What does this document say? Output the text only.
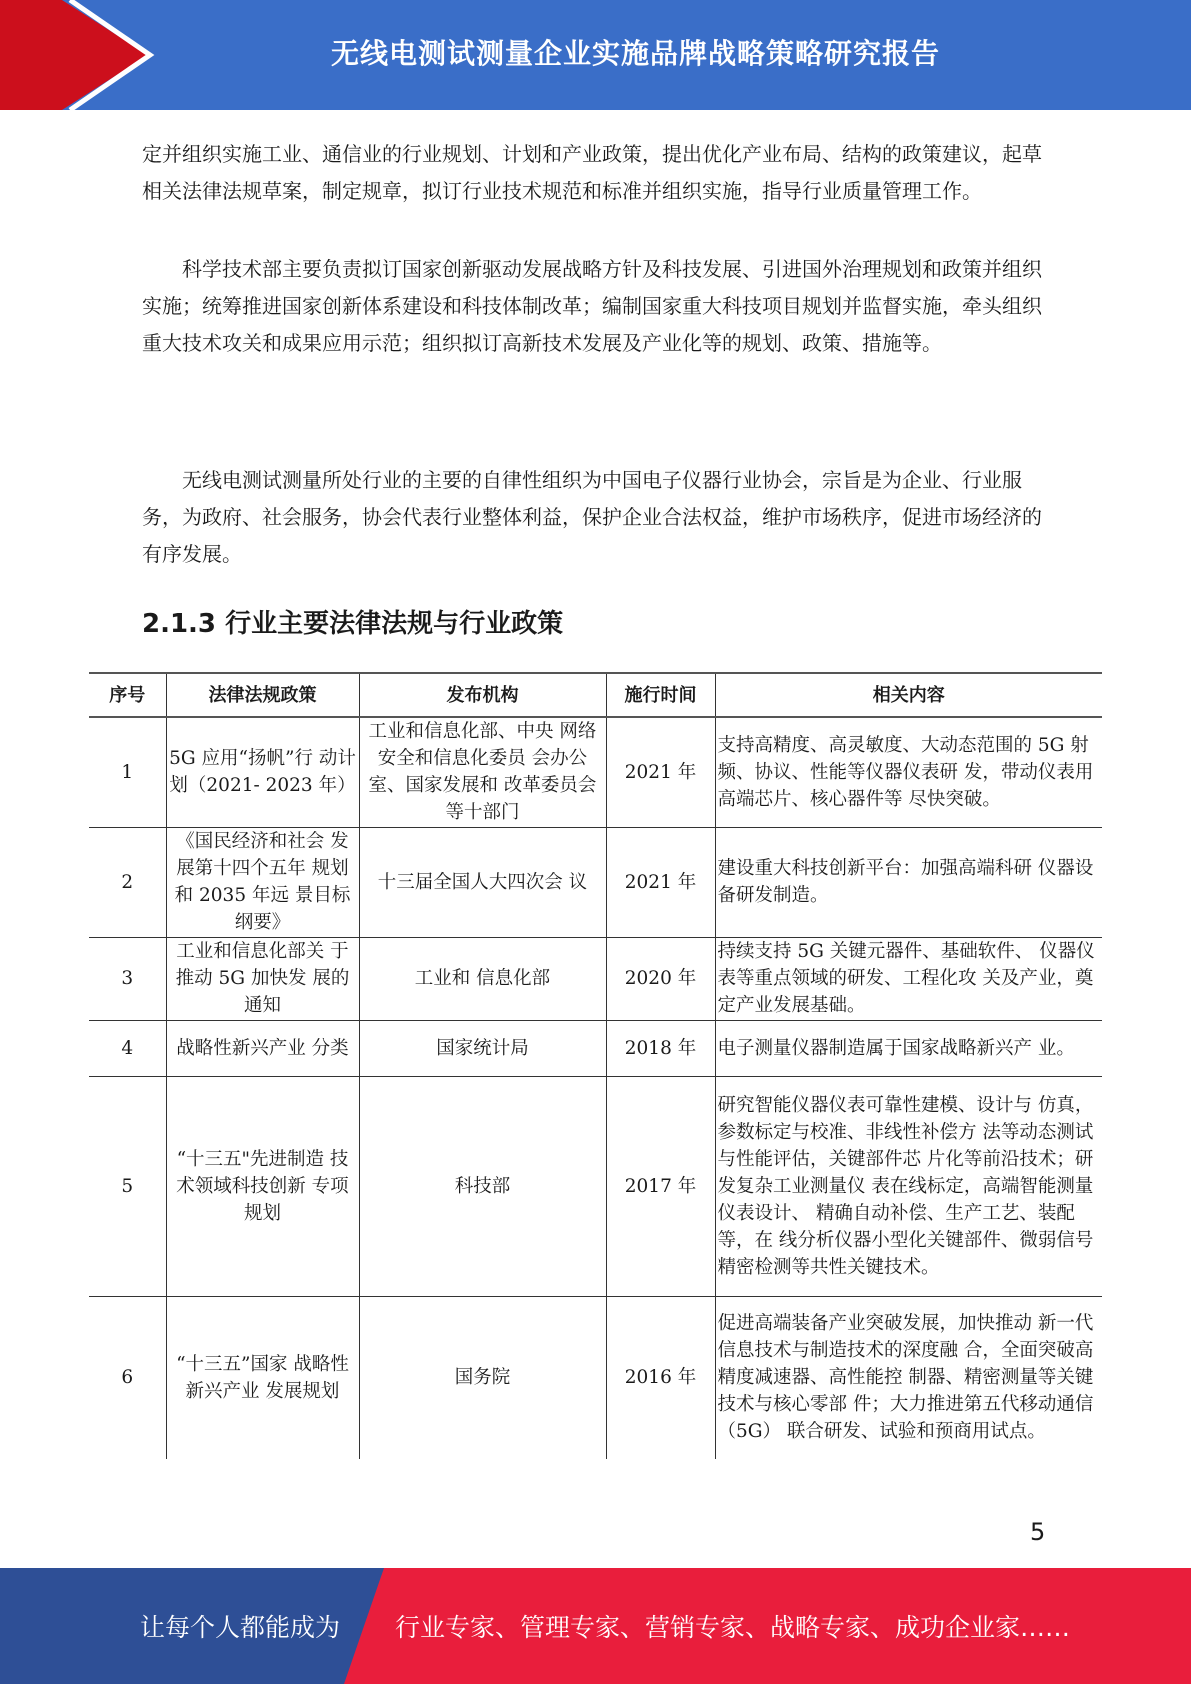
无线电测试测量企业实施品牌战略策略研究报告

定并组织实施工业、通信业的行业规划、计划和产业政策，提出优化产业布局、结构的政策建议，起草相关法律法规草案，制定规章，拟订行业技术规范和标准并组织实施，指导行业质量管理工作。

科学技术部主要负责拟订国家创新驱动发展战略方针及科技发展、引进国外治理规划和政策并组织实施；统筹推进国家创新体系建设和科技体制改革；编制国家重大科技项目规划并监督实施，牵头组织重大技术攻关和成果应用示范；组织拟订高新技术发展及产业化等的规划、政策、措施等。

无线电测试测量所处行业的主要的自律性组织为中国电子仪器行业协会，宗旨是为企业、行业服务，为政府、社会服务，协会代表行业整体利益，保护企业合法权益，维护市场秩序，促进市场经济的有序发展。

2.1.3 行业主要法律法规与行业政策
序号	法律法规政策	发布机构	施行时间	相关内容
1	5G 应用“扬帆”行 动计划（2021- 2023 年）	工业和信息化部、中央 网络安全和信息化委员 会办公室、国家发展和 改革委员会等十部门	2021 年	支持高精度、高灵敏度、大动态范围的 5G 射频、协议、性能等仪器仪表研 发，带动仪表用高端芯片、核心器件等 尽快突破。
2	《国民经济和社会 发展第十四个五年 规划和 2035 年远 景目标纲要》	十三届全国人大四次会 议	2021 年	建设重大科技创新平台：加强高端科研 仪器设备研发制造。
3	工业和信息化部关 于推动 5G 加快发 展的通知	工业和 信息化部	2020 年	持续支持 5G 关键元器件、基础软件、 仪器仪表等重点领域的研发、工程化攻 关及产业，奠定产业发展基础。
4	战略性新兴产业 分类	国家统计局	2018 年	电子测量仪器制造属于国家战略新兴产 业。
5	“十三五"先进制造 技术领域科技创新 专项规划	科技部	2017 年	研究智能仪器仪表可靠性建模、设计与 仿真，参数标定与校准、非线性补偿方 法等动态测试与性能评估，关键部件芯 片化等前沿技术；研发复杂工业测量仪 表在线标定，高端智能测量仪表设计、 精确自动补偿、生产工艺、装配等，在 线分析仪器小型化关键部件、微弱信号 精密检测等共性关键技术。
6	“十三五”国家 战略性新兴产业 发展规划	国务院	2016 年	促进高端装备产业突破发展，加快推动 新一代信息技术与制造技术的深度融 合，全面突破高精度减速器、高性能控 制器、精密测量等关键技术与核心零部 件；大力推进第五代移动通信（5G） 联合研发、试验和预商用试点。
5
让每个人都能成为 行业专家、管理专家、营销专家、战略专家、成功企业家……
